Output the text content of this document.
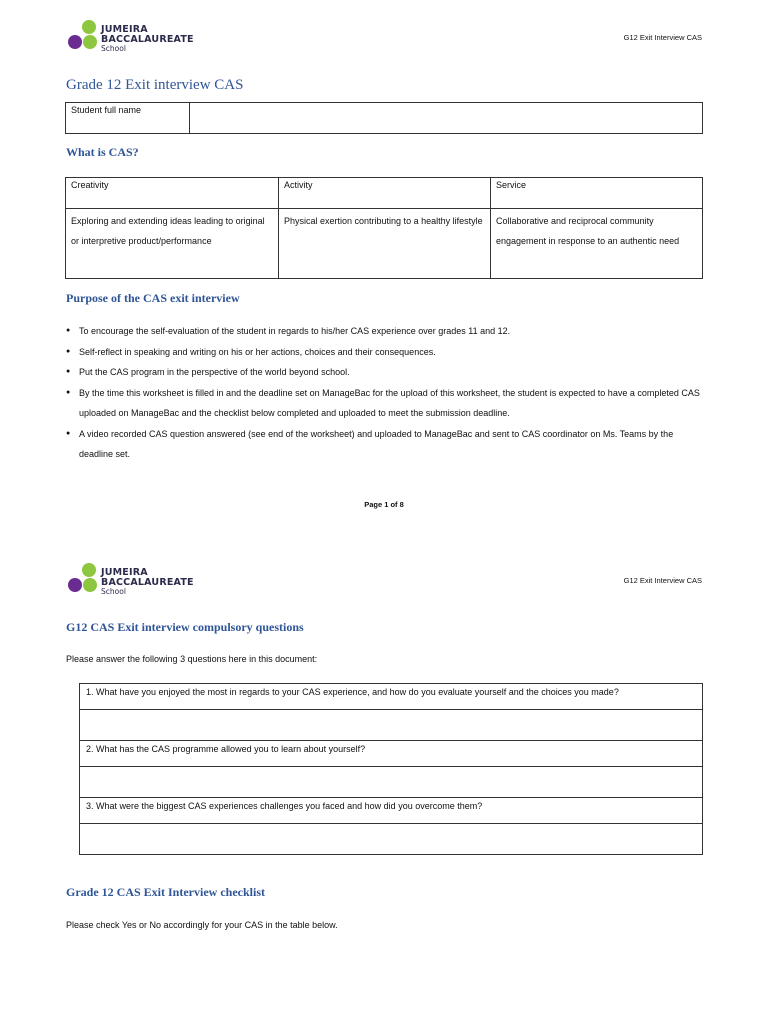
JUMEIRA
BACCALAUREATE
School
G12 Exit Interview CAS
Grade 12 Exit interview CAS
Student full name	
What is CAS?
Creativity	Activity	Service
Exploring and extending ideas leading to original or interpretive product/performance	Physical exertion contributing to a healthy lifestyle	Collaborative and reciprocal community engagement in response to an authentic need
Purpose of the CAS exit interview
● To encourage the self-evaluation of the student in regards to his/her CAS experience over grades 11 and 12.
● Self-reflect in speaking and writing on his or her actions, choices and their consequences.
● Put the CAS program in the perspective of the world beyond school.
● By the time this worksheet is filled in and the deadline set on ManageBac for the upload of this worksheet, the student is expected to have a completed CAS uploaded on ManageBac and the checklist below completed and uploaded to meet the submission deadline.
● A video recorded CAS question answered (see end of the worksheet) and uploaded to ManageBac and sent to CAS coordinator on Ms. Teams by the deadline set.
Page 1 of 8
JUMEIRA
BACCALAUREATE
School
G12 Exit Interview CAS
G12 CAS Exit interview compulsory questions
Please answer the following 3 questions here in this document:
1. What have you enjoyed the most in regards to your CAS experience, and how do you evaluate yourself and the choices you made?

2. What has the CAS programme allowed you to learn about yourself?

3. What were the biggest CAS experiences challenges you faced and how did you overcome them?

Grade 12 CAS Exit Interview checklist
Please check Yes or No accordingly for your CAS in the table below.
